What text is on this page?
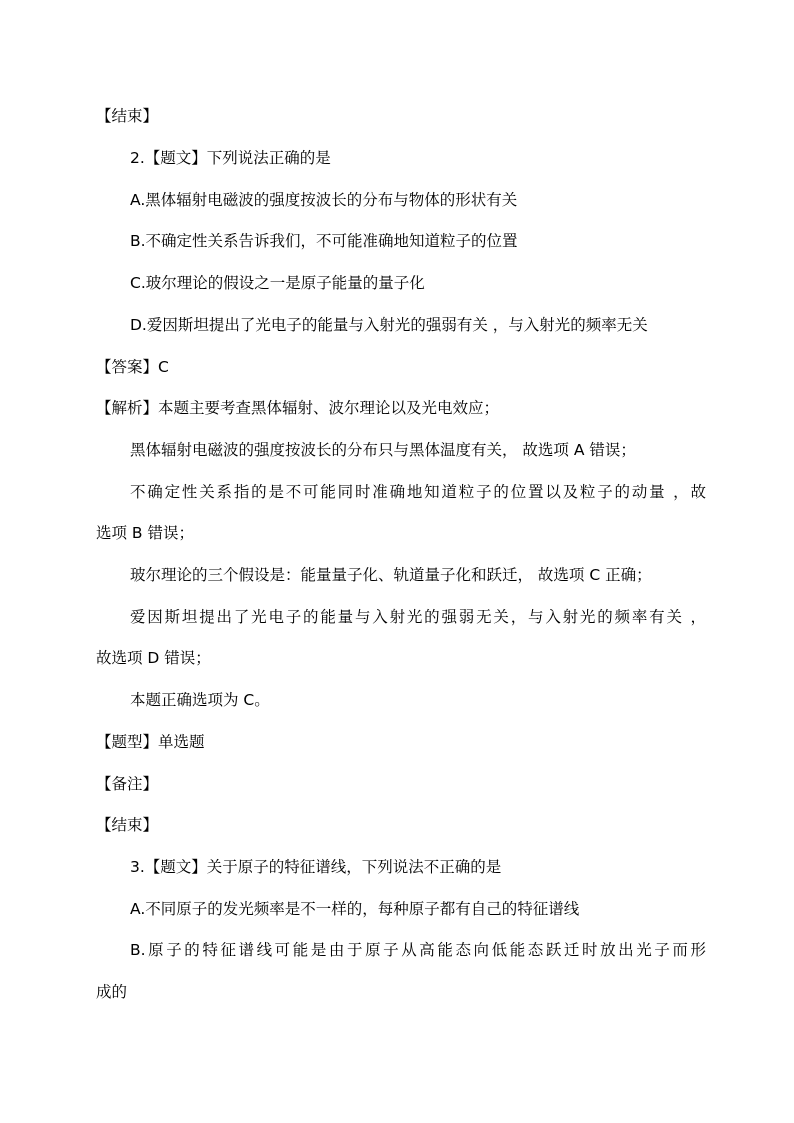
【结束】
2.【题文】下列说法正确的是
A.黑体辐射电磁波的强度按波长的分布与物体的形状有关
B.不确定性关系告诉我们，不可能准确地知道粒子的位置
C.玻尔理论的假设之一是原子能量的量子化
D.爱因斯坦提出了光电子的能量与入射光的强弱有关 ，与入射光的频率无关
【答案】C
【解析】本题主要考查黑体辐射、波尔理论以及光电效应；
黑体辐射电磁波的强度按波长的分布只与黑体温度有关， 故选项 A 错误；
不确定性关系指的是不可能同时准确地知道粒子的位置以及粒子的动量 ，故
选项 B 错误；
玻尔理论的三个假设是：能量量子化、轨道量子化和跃迁， 故选项 C 正确；
爱因斯坦提出了光电子的能量与入射光的强弱无关，与入射光的频率有关 ，
故选项 D 错误；
本题正确选项为 C。
【题型】单选题
【备注】
【结束】
3.【题文】关于原子的特征谱线，下列说法不正确的是
A.不同原子的发光频率是不一样的，每种原子都有自己的特征谱线
B.原子的特征谱线可能是由于原子从高能态向低能态跃迁时放出光子而形
成的
